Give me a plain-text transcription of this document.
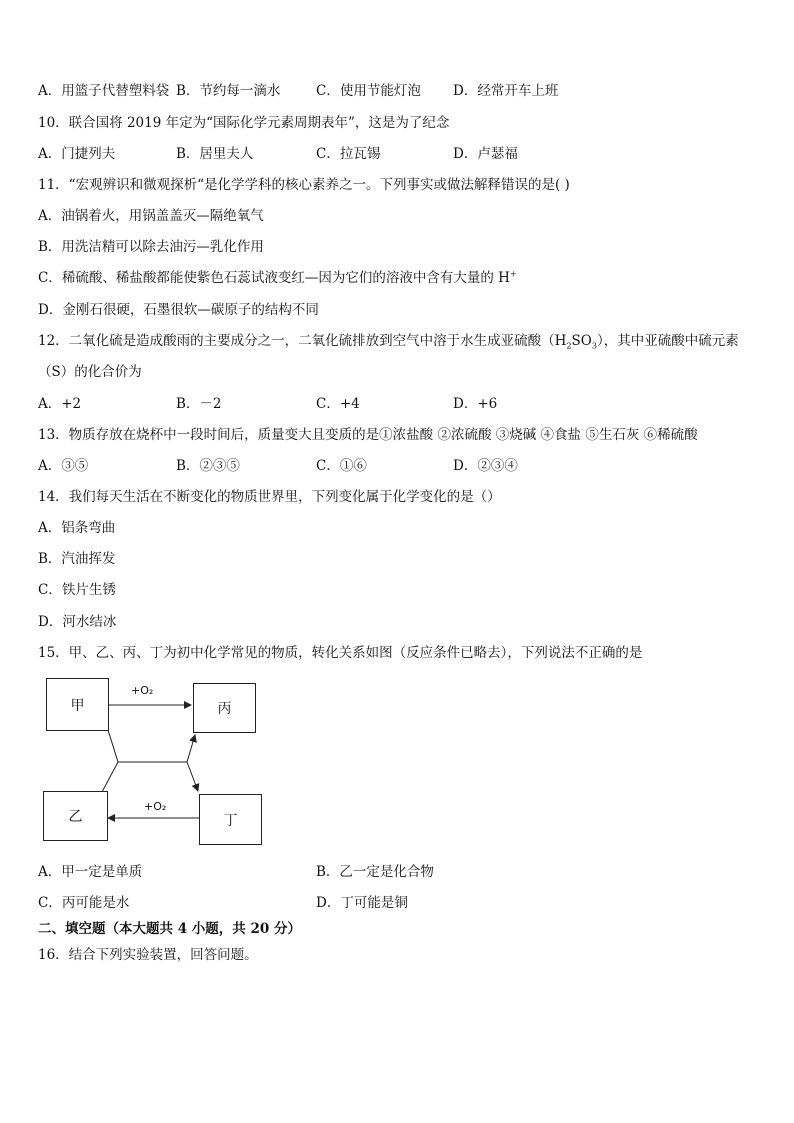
A．用篮子代替塑料袋 B．节约每一滴水	C．使用节能灯泡 D．经常开车上班
10．联合国将 2019 年定为“国际化学元素周期表年”，这是为了纪念
A．门捷列夫	B．居里夫人	C．拉瓦锡	D．卢瑟福
11．“宏观辨识和微观探析“是化学学科的核心素养之一。下列事实或做法解释错误的是( )
A．油锅着火，用锅盖盖灭—隔绝氧气
B．用洗洁精可以除去油污—乳化作用
C．稀硫酸、稀盐酸都能使紫色石蕊试液变红—因为它们的溶液中含有大量的 H+
D．金刚石很硬，石墨很软—碳原子的结构不同
12．二氧化硫是造成酸雨的主要成分之一，二氧化硫排放到空气中溶于水生成亚硫酸$(H_2SO_3)$，其中亚硫酸中硫元素
（S）的化合价为
A．+2	B．－2	C．+4	D．+6
13．物质存放在烧杯中一段时间后，质量变大且变质的是①浓盐酸 ②浓硫酸 ③烧碱 ④食盐 ⑤生石灰 ⑥稀硫酸
A．③⑤	B．②③⑤	C．①⑥	D．②③④
14．我们每天生活在不断变化的物质世界里，下列变化属于化学变化的是（）
A．铝条弯曲
B．汽油挥发
C．铁片生锈
D．河水结冰
15．甲、乙、丙、丁为初中化学常见的物质，转化关系如图（反应条件已略去），下列说法不正确的是
甲	丙
乙	丁
+O₂
+O₂
A．甲一定是单质	B．乙一定是化合物
C．丙可能是水	D．丁可能是铜
二、填空题（本大题共 4 小题，共 20 分）
16．结合下列实验装置，回答问题。
